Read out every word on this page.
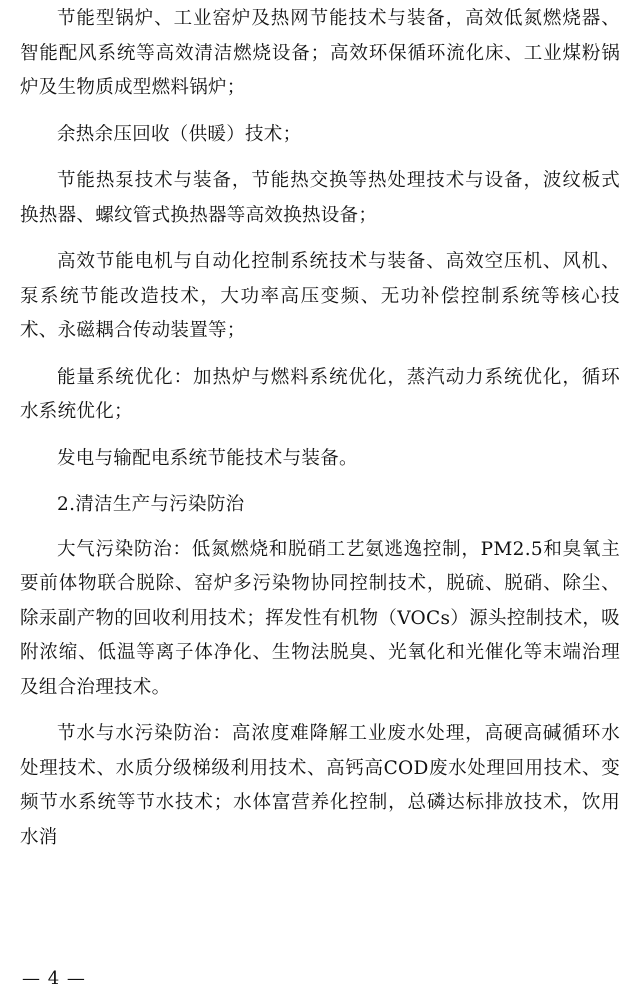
节能型锅炉、工业窑炉及热网节能技术与装备，高效低氮燃烧器、智能配风系统等高效清洁燃烧设备；高效环保循环流化床、工业煤粉锅炉及生物质成型燃料锅炉；

余热余压回收（供暖）技术；

节能热泵技术与装备，节能热交换等热处理技术与设备，波纹板式换热器、螺纹管式换热器等高效换热设备；

高效节能电机与自动化控制系统技术与装备、高效空压机、风机、泵系统节能改造技术，大功率高压变频、无功补偿控制系统等核心技术、永磁耦合传动装置等；

能量系统优化：加热炉与燃料系统优化，蒸汽动力系统优化，循环水系统优化；

发电与输配电系统节能技术与装备。

2.清洁生产与污染防治

大气污染防治：低氮燃烧和脱硝工艺氨逃逸控制，PM2.5和臭氧主要前体物联合脱除、窑炉多污染物协同控制技术，脱硫、脱硝、除尘、除汞副产物的回收利用技术；挥发性有机物（VOCs）源头控制技术，吸附浓缩、低温等离子体净化、生物法脱臭、光氧化和光催化等末端治理及组合治理技术。

节水与水污染防治：高浓度难降解工业废水处理，高硬高碱循环水处理技术、水质分级梯级利用技术、高钙高COD废水处理回用技术、变频节水系统等节水技术；水体富营养化控制，总磷达标排放技术，饮用水消

— 4 —
